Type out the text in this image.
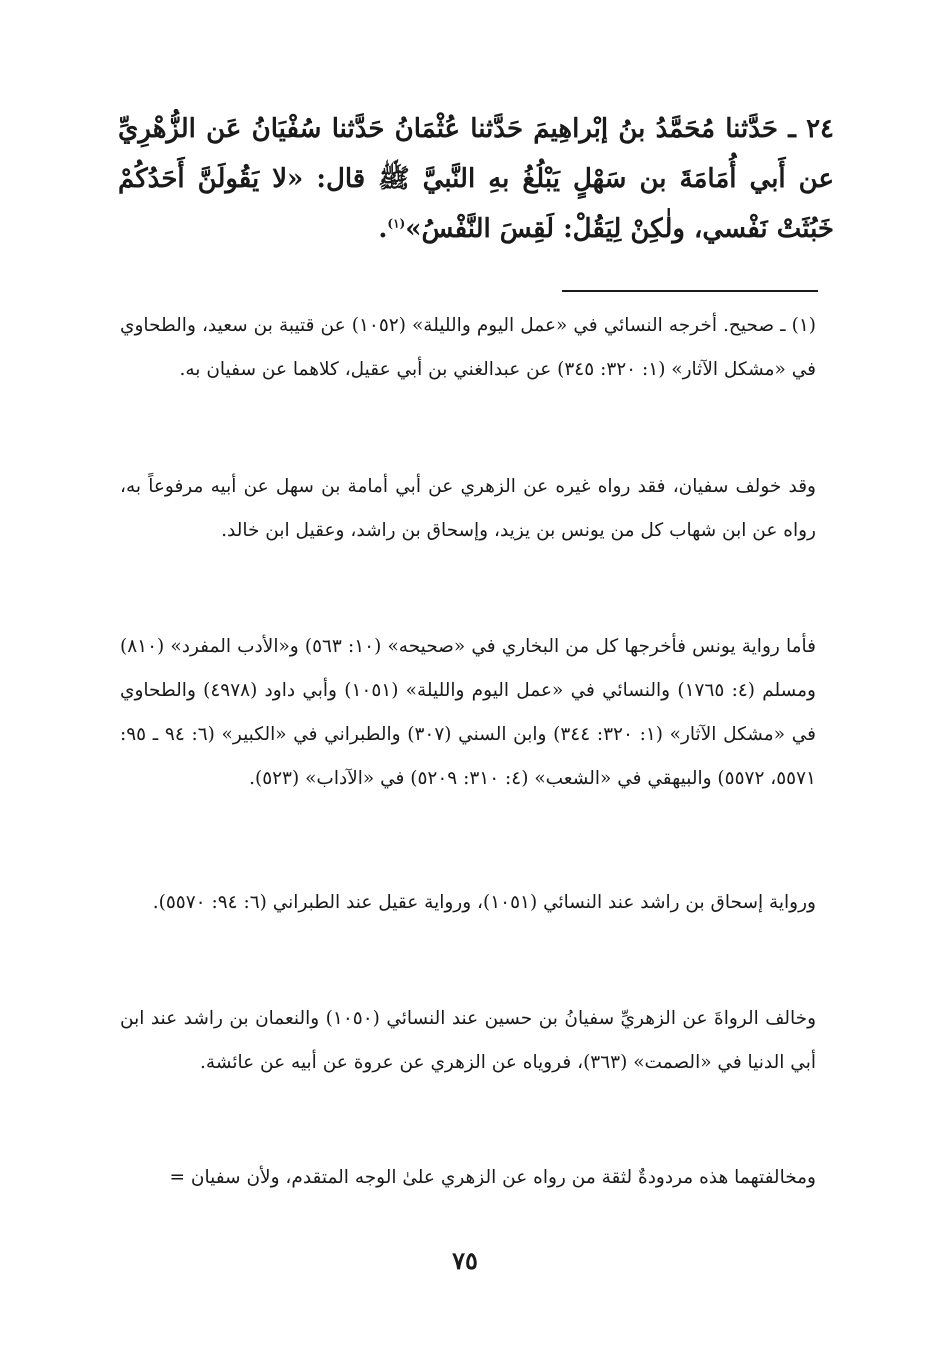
٢٤ ـ حَدَّثنا مُحَمَّدُ بنُ إبْراهِيمَ حَدَّثنا عُثْمَانُ حَدَّثنا سُفْيَانُ عَن الزُّهْرِيِّ عن أَبي أُمَامَةَ بن سَهْلٍ يَبْلُغُ بهِ النَّبيَّ ﷺ قال: «لا يَقُولَنَّ أَحَدُكُمْ خَبُثَتْ نَفْسي، ولٰكِنْ لِيَقُلْ: لَقِسَ النَّفْسُ»$^{(١)}$.

(١) ـ صحيح. أخرجه النسائي في «عمل اليوم والليلة» (١٠٥٢) عن قتيبة بن سعيد، والطحاوي في «مشكل الآثار» (١: ٣٢٠: ٣٤٥) عن عبدالغني بن أبي عقيل، كلاهما عن سفيان به.

وقد خولف سفيان، فقد رواه غيره عن الزهري عن أبي أمامة بن سهل عن أبيه مرفوعاً به، رواه عن ابن شهاب كل من يونس بن يزيد، وإسحاق بن راشد، وعقيل ابن خالد.

فأما رواية يونس فأخرجها كل من البخاري في «صحيحه» (١٠: ٥٦٣) و«الأدب المفرد» (٨١٠) ومسلم (٤: ١٧٦٥) والنسائي في «عمل اليوم والليلة» (١٠٥١) وأبي داود (٤٩٧٨) والطحاوي في «مشكل الآثار» (١: ٣٢٠: ٣٤٤) وابن السني (٣٠٧) والطبراني في «الكبير» (٦: ٩٤ ـ ٩٥: ٥٥٧١، ٥٥٧٢) والبيهقي في «الشعب» (٤: ٣١٠: ٥٢٠٩) في «الآداب» (٥٢٣).

ورواية إسحاق بن راشد عند النسائي (١٠٥١)، ورواية عقيل عند الطبراني (٦: ٩٤: ٥٥٧٠).

وخالف الرواةَ عن الزهريِّ سفيانُ بن حسين عند النسائي (١٠٥٠) والنعمان بن راشد عند ابن أبي الدنيا في «الصمت» (٣٦٣)، فروياه عن الزهري عن عروة عن أبيه عن عائشة.

ومخالفتهما هذه مردودةٌ لثقة من رواه عن الزهري علىٰ الوجه المتقدم، ولأن سفيان =

٧٥
